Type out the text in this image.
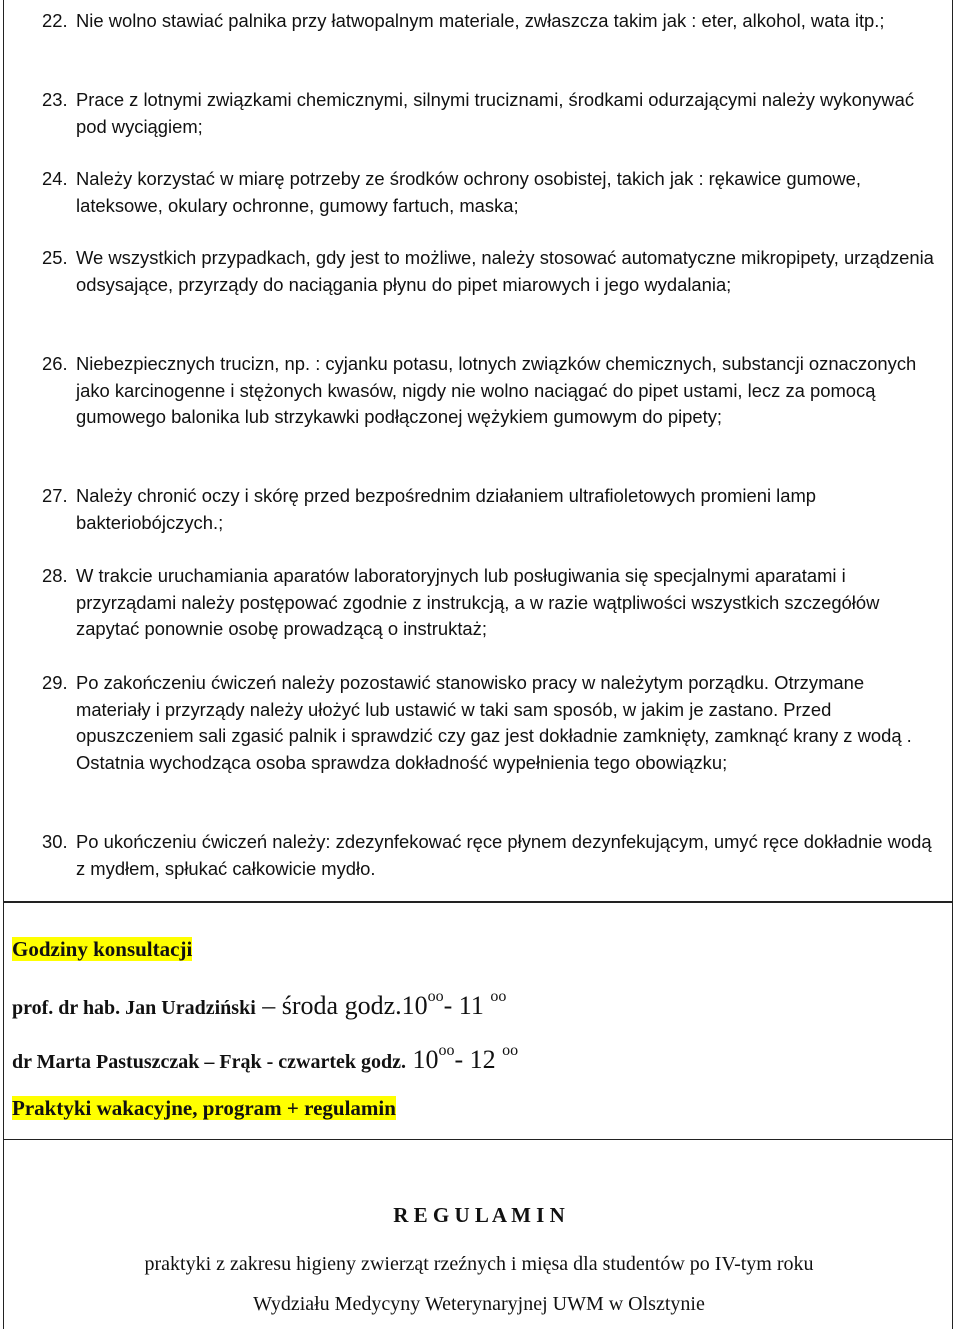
22. Nie wolno stawiać palnika przy łatwopalnym materiale, zwłaszcza takim jak : eter, alkohol, wata itp.;
23. Prace z lotnymi związkami chemicznymi, silnymi truciznami, środkami odurzającymi należy wykonywać pod wyciągiem;
24. Należy korzystać w miarę potrzeby ze środków ochrony osobistej, takich jak : rękawice gumowe, lateksowe, okulary ochronne, gumowy fartuch, maska;
25. We wszystkich przypadkach, gdy jest to możliwe, należy stosować automatyczne mikropipety, urządzenia odsysające, przyrządy do naciągania płynu do pipet miarowych i jego wydalania;
26. Niebezpiecznych trucizn, np. : cyjanku potasu, lotnych związków chemicznych, substancji oznaczonych jako karcinogenne i stężonych kwasów, nigdy nie wolno naciągać do pipet ustami, lecz za pomocą gumowego balonika lub strzykawki podłączonej wężykiem gumowym do pipety;
27. Należy chronić oczy i skórę przed bezpośrednim działaniem ultrafioletowych promieni lamp bakteriobójczych.;
28. W trakcie uruchamiania aparatów laboratoryjnych lub posługiwania się specjalnymi aparatami i przyrządami należy postępować zgodnie z instrukcją, a w razie wątpliwości wszystkich szczegółów zapytać ponownie osobę prowadzącą o instruktaż;
29. Po zakończeniu ćwiczeń należy pozostawić stanowisko pracy w należytym porządku. Otrzymane materiały i przyrządy należy ułożyć lub ustawić w taki sam sposób, w jakim je zastano. Przed opuszczeniem sali zgasić palnik i sprawdzić czy gaz jest dokładnie zamknięty, zamknąć krany z wodą . Ostatnia wychodząca osoba sprawdza dokładność wypełnienia tego obowiązku;
30. Po ukończeniu ćwiczeń należy: zdezynfekować ręce płynem dezynfekującym, umyć ręce dokładnie wodą z mydłem, spłukać całkowicie mydło.
Godziny konsultacji
prof. dr hab. Jan Uradziński – środa $godz.10^{oo}-$ 11 $^{oo}$
dr Marta Pastuszczak – Frąk - czwartek godz. $10^{oo}-$ 12 $^{oo}$
Praktyki wakacyjne, program + regulamin
R E G U L A M I N
praktyki z zakresu higieny zwierząt rzeźnych i mięsa dla studentów po IV-tym roku
Wydziału Medycyny Weterynaryjnej UWM w Olsztynie
